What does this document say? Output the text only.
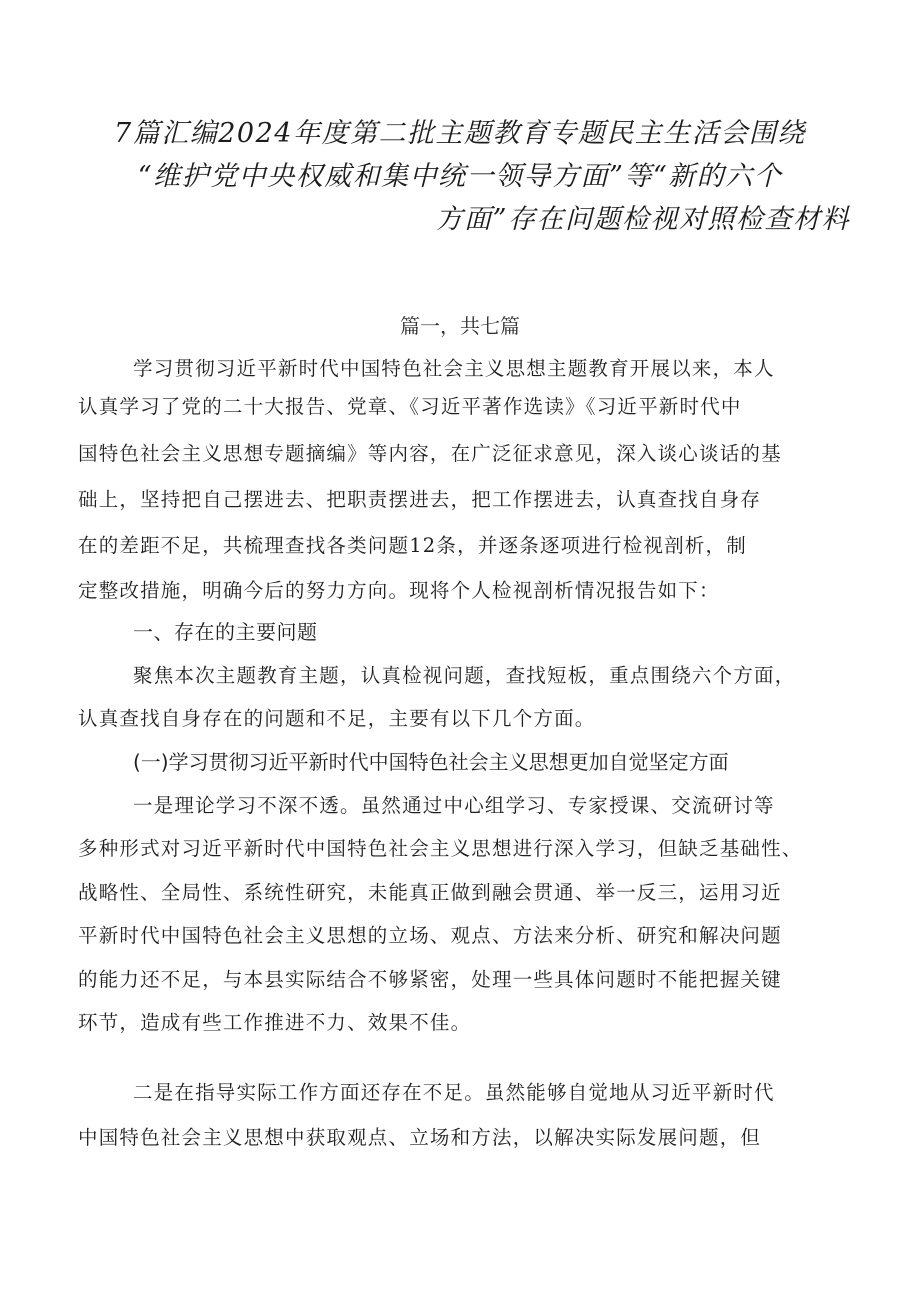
7篇汇编2024年度第二批主题教育专题民主生活会围绕
“维护党中央权威和集中统一领导方面”等“新的六个
方面”存在问题检视对照检查材料
篇一，共七篇
学习贯彻习近平新时代中国特色社会主义思想主题教育开展以来，本人
认真学习了党的二十大报告、党章、《习近平著作选读》《习近平新时代中
国特色社会主义思想专题摘编》等内容，在广泛征求意见，深入谈心谈话的基
础上，坚持把自己摆进去、把职责摆进去，把工作摆进去，认真查找自身存
在的差距不足，共梳理查找各类问题12条，并逐条逐项进行检视剖析，制
定整改措施，明确今后的努力方向。现将个人检视剖析情况报告如下：
一、存在的主要问题
聚焦本次主题教育主题，认真检视问题，查找短板，重点围绕六个方面，
认真查找自身存在的问题和不足，主要有以下几个方面。
(一)学习贯彻习近平新时代中国特色社会主义思想更加自觉坚定方面
一是理论学习不深不透。虽然通过中心组学习、专家授课、交流研讨等
多种形式对习近平新时代中国特色社会主义思想进行深入学习，但缺乏基础性、
战略性、全局性、系统性研究，未能真正做到融会贯通、举一反三，运用习近
平新时代中国特色社会主义思想的立场、观点、方法来分析、研究和解决问题
的能力还不足，与本县实际结合不够紧密，处理一些具体问题时不能把握关键
环节，造成有些工作推进不力、效果不佳。
二是在指导实际工作方面还存在不足。虽然能够自觉地从习近平新时代
中国特色社会主义思想中获取观点、立场和方法，以解决实际发展问题，但
